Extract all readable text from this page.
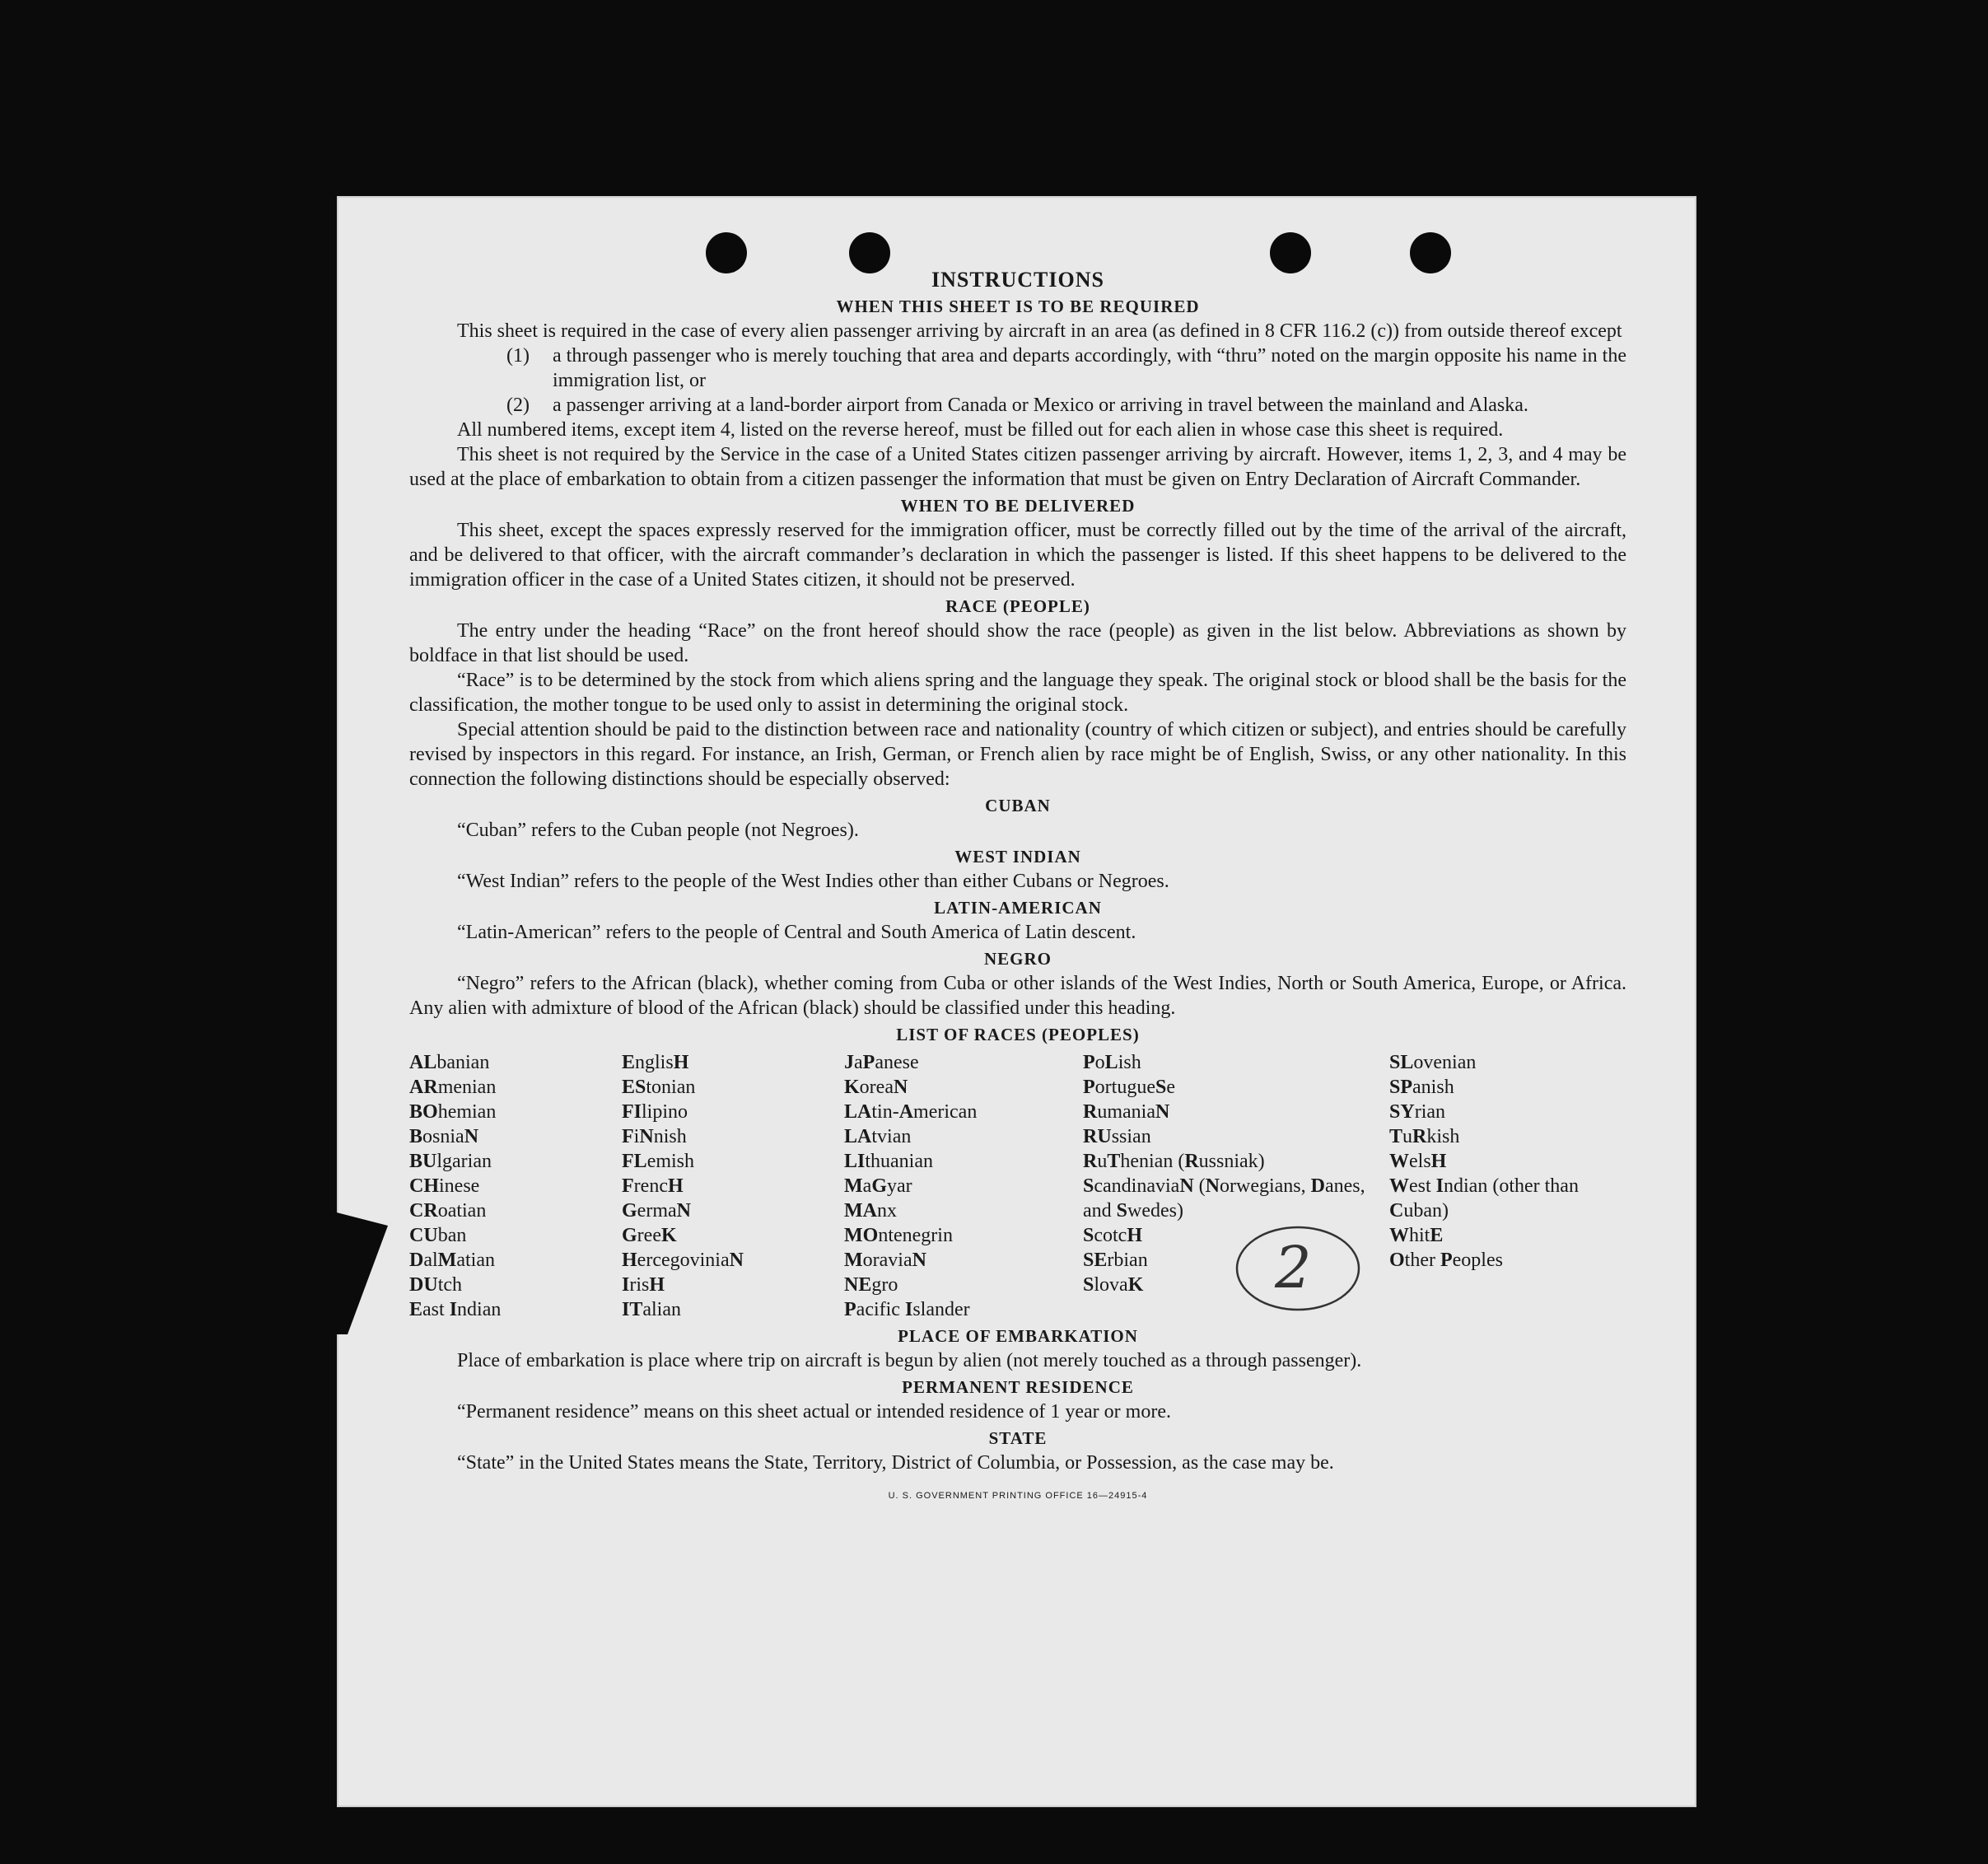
2
INSTRUCTIONS
WHEN THIS SHEET IS TO BE REQUIRED

This sheet is required in the case of every alien passenger arriving by aircraft in an area (as defined in 8 CFR 116.2 (c)) from outside thereof except

(1)	a through passenger who is merely touching that area and departs accordingly, with “thru” noted on the margin opposite his name in the immigration list, or
(2)	a passenger arriving at a land-border airport from Canada or Mexico or arriving in travel between the mainland and Alaska.

All numbered items, except item 4, listed on the reverse hereof, must be filled out for each alien in whose case this sheet is required.

This sheet is not required by the Service in the case of a United States citizen passenger arriving by aircraft. However, items 1, 2, 3, and 4 may be used at the place of embarkation to obtain from a citizen passenger the information that must be given on Entry Declaration of Aircraft Commander.

WHEN TO BE DELIVERED

This sheet, except the spaces expressly reserved for the immigration officer, must be correctly filled out by the time of the arrival of the aircraft, and be delivered to that officer, with the aircraft commander’s declaration in which the passenger is listed. If this sheet happens to be delivered to the immigration officer in the case of a United States citizen, it should not be preserved.

RACE (PEOPLE)

The entry under the heading “Race” on the front hereof should show the race (people) as given in the list below. Abbreviations as shown by boldface in that list should be used.

“Race” is to be determined by the stock from which aliens spring and the language they speak. The original stock or blood shall be the basis for the classification, the mother tongue to be used only to assist in determining the original stock.

Special attention should be paid to the distinction between race and nationality (country of which citizen or subject), and entries should be carefully revised by inspectors in this regard. For instance, an Irish, German, or French alien by race might be of English, Swiss, or any other nationality. In this connection the following distinctions should be especially observed:

CUBAN

“Cuban” refers to the Cuban people (not Negroes).

WEST INDIAN

“West Indian” refers to the people of the West Indies other than either Cubans or Negroes.

LATIN-AMERICAN

“Latin-American” refers to the people of Central and South America of Latin descent.

NEGRO

“Negro” refers to the African (black), whether coming from Cuba or other islands of the West Indies, North or South America, Europe, or Africa. Any alien with admixture of blood of the African (black) should be classified under this heading.

LIST OF RACES (PEOPLES)
ALbanian
ARmenian
BOhemian
BosniaN
BUlgarian
CHinese
CRoatian
CUban
DalMatian
DUtch
East Indian
EnglisH
EStonian
FIlipino
FiNnish
FLemish
FrencH
GermaN
GreeK
HercegoviniaN
IrisH
ITalian
JaPanese
KoreaN
LAtin-American
LAtvian
LIthuanian
MaGyar
MAnx
MOntenegrin
MoraviaN
NEgro
Pacific Islander
PoLish
PortugueSe
RumaniaN
RUssian
RuThenian (Russniak)
ScandinaviaN (Norwegians, Danes, and Swedes)
ScotcH
SErbian
SlovaK
SLovenian
SPanish
SYrian
TuRkish
WelsH
West Indian (other than Cuban)
WhitE
Other Peoples
PLACE OF EMBARKATION

Place of embarkation is place where trip on aircraft is begun by alien (not merely touched as a through passenger).

PERMANENT RESIDENCE

“Permanent residence” means on this sheet actual or intended residence of 1 year or more.

STATE

“State” in the United States means the State, Territory, District of Columbia, or Possession, as the case may be.

U. S. GOVERNMENT PRINTING OFFICE 16—24915-4
